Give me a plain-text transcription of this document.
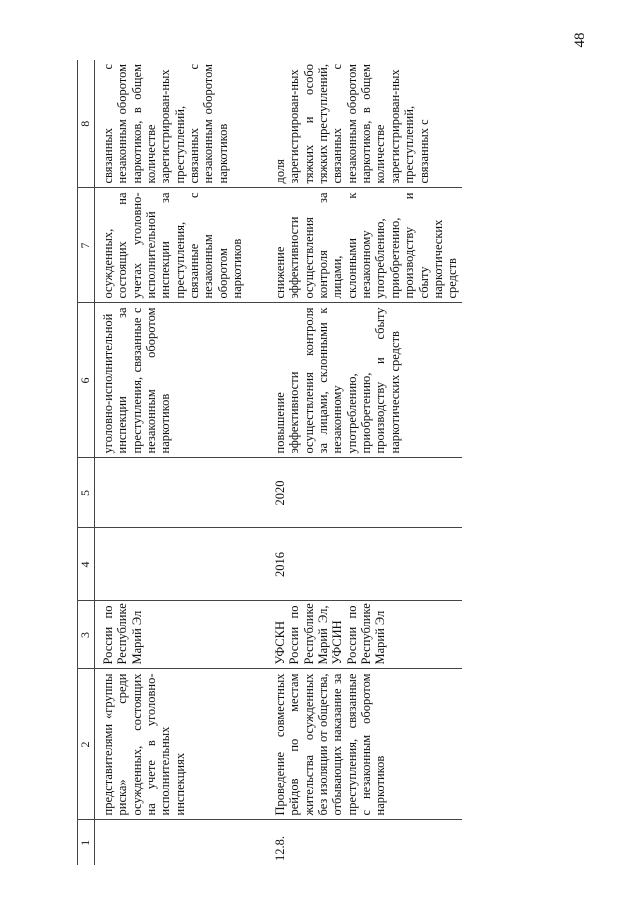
48
1	2	3	4	5	6	7	8
	представителями «группы риска» среди осужденных, состоящих на учете в уголовно-исполнительных инспекциях	России по Республике Марий Эл			уголовно-исполнительной инспекции за преступления, связанные с незаконным оборотом наркотиков	осужденных, состоящих на учетах уголовно-исполнительной инспекции за преступления, связанные с незаконным оборотом наркотиков	связанных с незаконным оборотом наркотиков, в общем количестве зарегистрирован-ных преступлений, связанных с незаконным оборотом наркотиков
12.8.	Проведение совместных рейдов по местам жительства осужденных без изоляции от общества, отбывающих наказание за преступления, связанные с незаконным оборотом наркотиков	УФСКН России по Республике Марий Эл, УФСИН России по Республике Марий Эл	2016	2020	повышение эффективности осуществления контроля за лицами, склонными к незаконному употреблению, приобретению, производству и сбыту наркотических средств	снижение эффективности осуществления контроля за лицами, склонными к незаконному употреблению, приобретению, производству и сбыту наркотических средств	доля зарегистрирован-ных тяжких и особо тяжких преступлений, связанных с незаконным оборотом наркотиков, в общем количестве зарегистрирован-ных преступлений, связанных с
